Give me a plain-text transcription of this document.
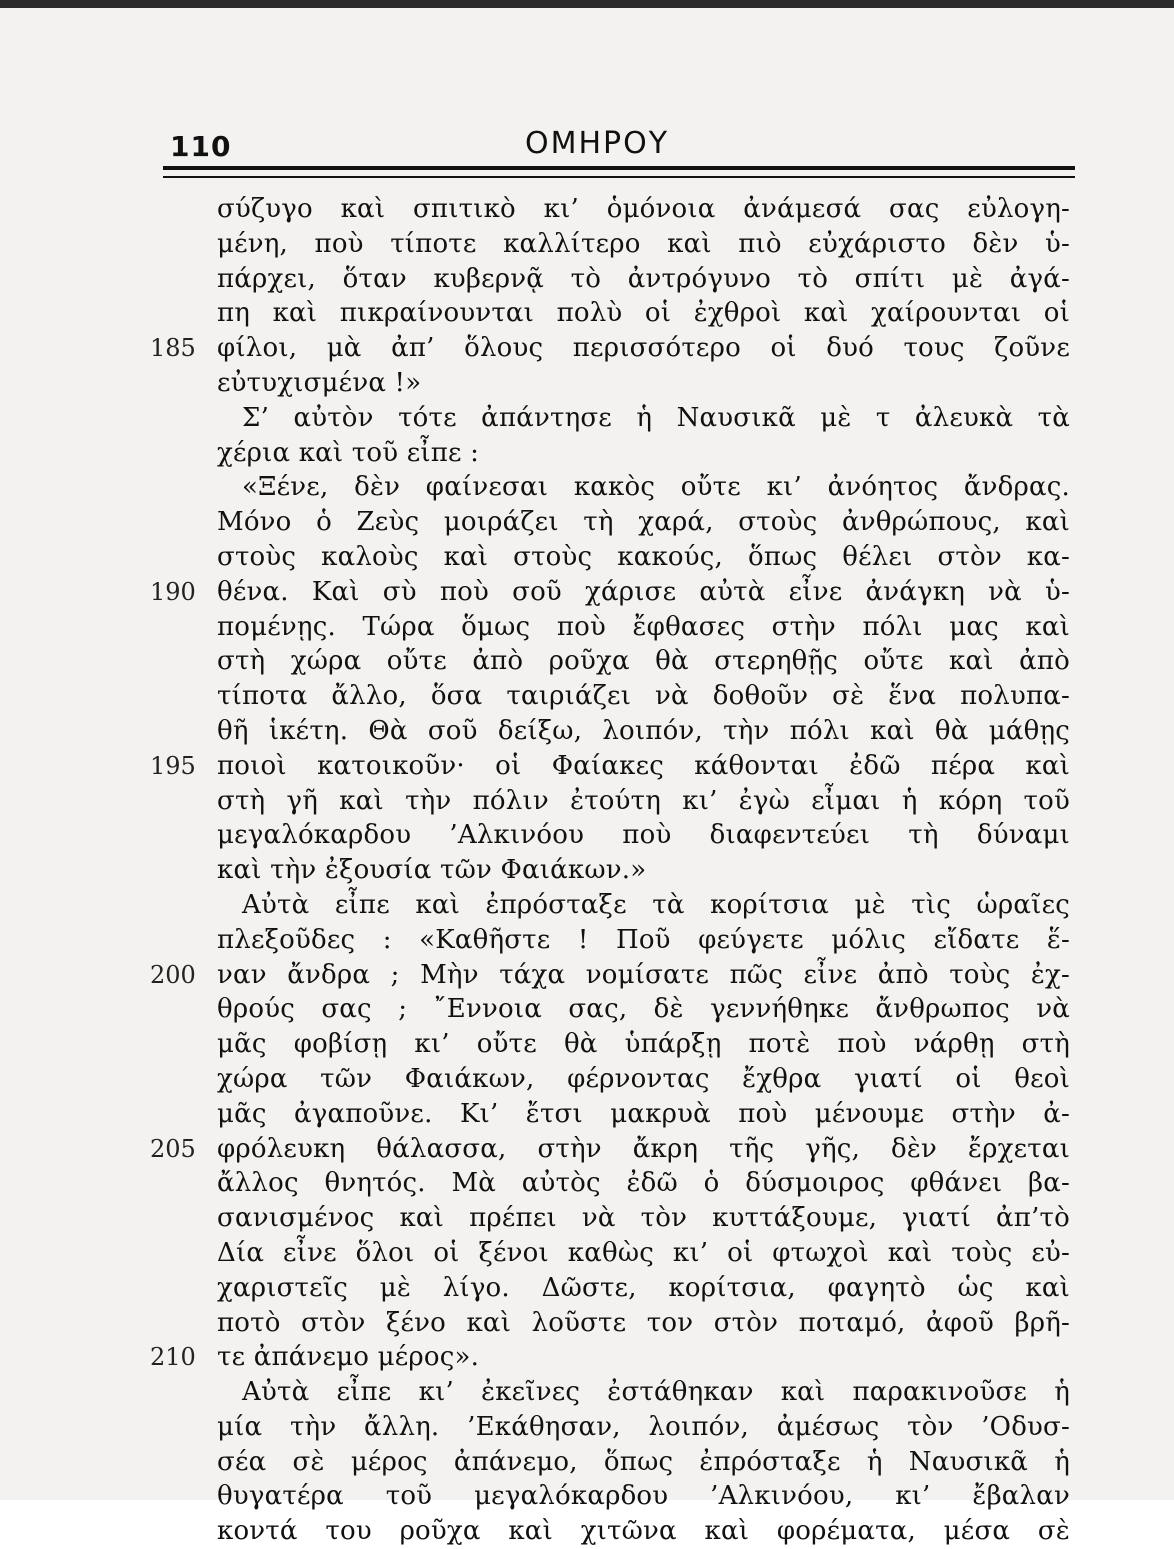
110	ΟΜΗΡΟΥ
σύζυγο καὶ σπιτικὸ κι’ ὁμόνοια ἀνάμεσά σας εὐλογη-
μένη, ποὺ τίποτε καλλίτερο καὶ πιὸ εὐχάριστο δὲν ὑ-
πάρχει, ὅταν κυβερνᾷ τὸ ἀντρόγυνο τὸ σπίτι μὲ ἀγά-
πη καὶ πικραίνουνται πολὺ οἱ ἐχθροὶ καὶ χαίρουνται οἱ
185 φίλοι, μὰ ἀπ’ ὅλους περισσότερο οἱ δυό τους ζοῦνε
εὐτυχισμένα !»
Σ’ αὐτὸν τότε ἀπάντησε ἡ Ναυσικᾶ μὲ τ ἀλευκὰ τὰ
χέρια καὶ τοῦ εἶπε :
«Ξένε, δὲν φαίνεσαι κακὸς οὔτε κι’ ἀνόητος ἄνδρας.
Μόνο ὁ Ζεὺς μοιράζει τὴ χαρά, στοὺς ἀνθρώπους, καὶ
στοὺς καλοὺς καὶ στοὺς κακούς, ὅπως θέλει στὸν κα-
190 θένα. Καὶ σὺ ποὺ σοῦ χάρισε αὐτὰ εἶνε ἀνάγκη νὰ ὑ-
πομένῃς. Τώρα ὅμως ποὺ ἔφθασες στὴν πόλι μας καὶ
στὴ χώρα οὔτε ἀπὸ ροῦχα θὰ στερηθῇς οὔτε καὶ ἀπὸ
τίποτα ἄλλο, ὅσα ταιριάζει νὰ δοθοῦν σὲ ἕνα πολυπα-
θῆ ἱκέτη. Θὰ σοῦ δείξω, λοιπόν, τὴν πόλι καὶ θὰ μάθῃς
195 ποιοὶ κατοικοῦν· οἱ Φαίακες κάθονται ἐδῶ πέρα καὶ
στὴ γῆ καὶ τὴν πόλιν ἐτούτη κι’ ἐγὼ εἶμαι ἡ κόρη τοῦ
μεγαλόκαρδου ’Αλκινόου ποὺ διαφεντεύει τὴ δύναμι
καὶ τὴν ἐξουσία τῶν Φαιάκων.»
Αὐτὰ εἶπε καὶ ἐπρόσταξε τὰ κορίτσια μὲ τὶς ὡραῖες
πλεξοῦδες : «Καθῆστε ! Ποῦ φεύγετε μόλις εἴδατε ἕ-
200 ναν ἄνδρα ; Μὴν τάχα νομίσατε πῶς εἶνε ἀπὸ τοὺς ἐχ-
θρούς σας ; ῎Εννοια σας, δὲ γεννήθηκε ἄνθρωπος νὰ
μᾶς φοβίσῃ κι’ οὔτε θὰ ὑπάρξῃ ποτὲ ποὺ νάρθῃ στὴ
χώρα τῶν Φαιάκων, φέρνοντας ἔχθρα γιατί οἱ θεοὶ
μᾶς ἀγαποῦνε. Κι’ ἔτσι μακρυὰ ποὺ μένουμε στὴν ἀ-
205 φρόλευκη θάλασσα, στὴν ἄκρη τῆς γῆς, δὲν ἔρχεται
ἄλλος θνητός. Μὰ αὐτὸς ἐδῶ ὁ δύσμοιρος φθάνει βα-
σανισμένος καὶ πρέπει νὰ τὸν κυττάξουμε, γιατί ἀπ’τὸ
Δία εἶνε ὅλοι οἱ ξένοι καθὼς κι’ οἱ φτωχοὶ καὶ τοὺς εὐ-
χαριστεῖς μὲ λίγο. Δῶστε, κορίτσια, φαγητὸ ὡς καὶ
ποτὸ στὸν ξένο καὶ λοῦστε τον στὸν ποταμό, ἀφοῦ βρῆ-
210 τε ἀπάνεμο μέρος».
Αὐτὰ εἶπε κι’ ἐκεῖνες ἐστάθηκαν καὶ παρακινοῦσε ἡ
μία τὴν ἄλλη. ’Εκάθησαν, λοιπόν, ἀμέσως τὸν ’Οδυσ-
σέα σὲ μέρος ἀπάνεμο, ὅπως ἐπρόσταξε ἡ Ναυσικᾶ ἡ
θυγατέρα τοῦ μεγαλόκαρδου ’Αλκινόου, κι’ ἔβαλαν
κοντά του ροῦχα καὶ χιτῶνα καὶ φορέματα, μέσα σὲ
